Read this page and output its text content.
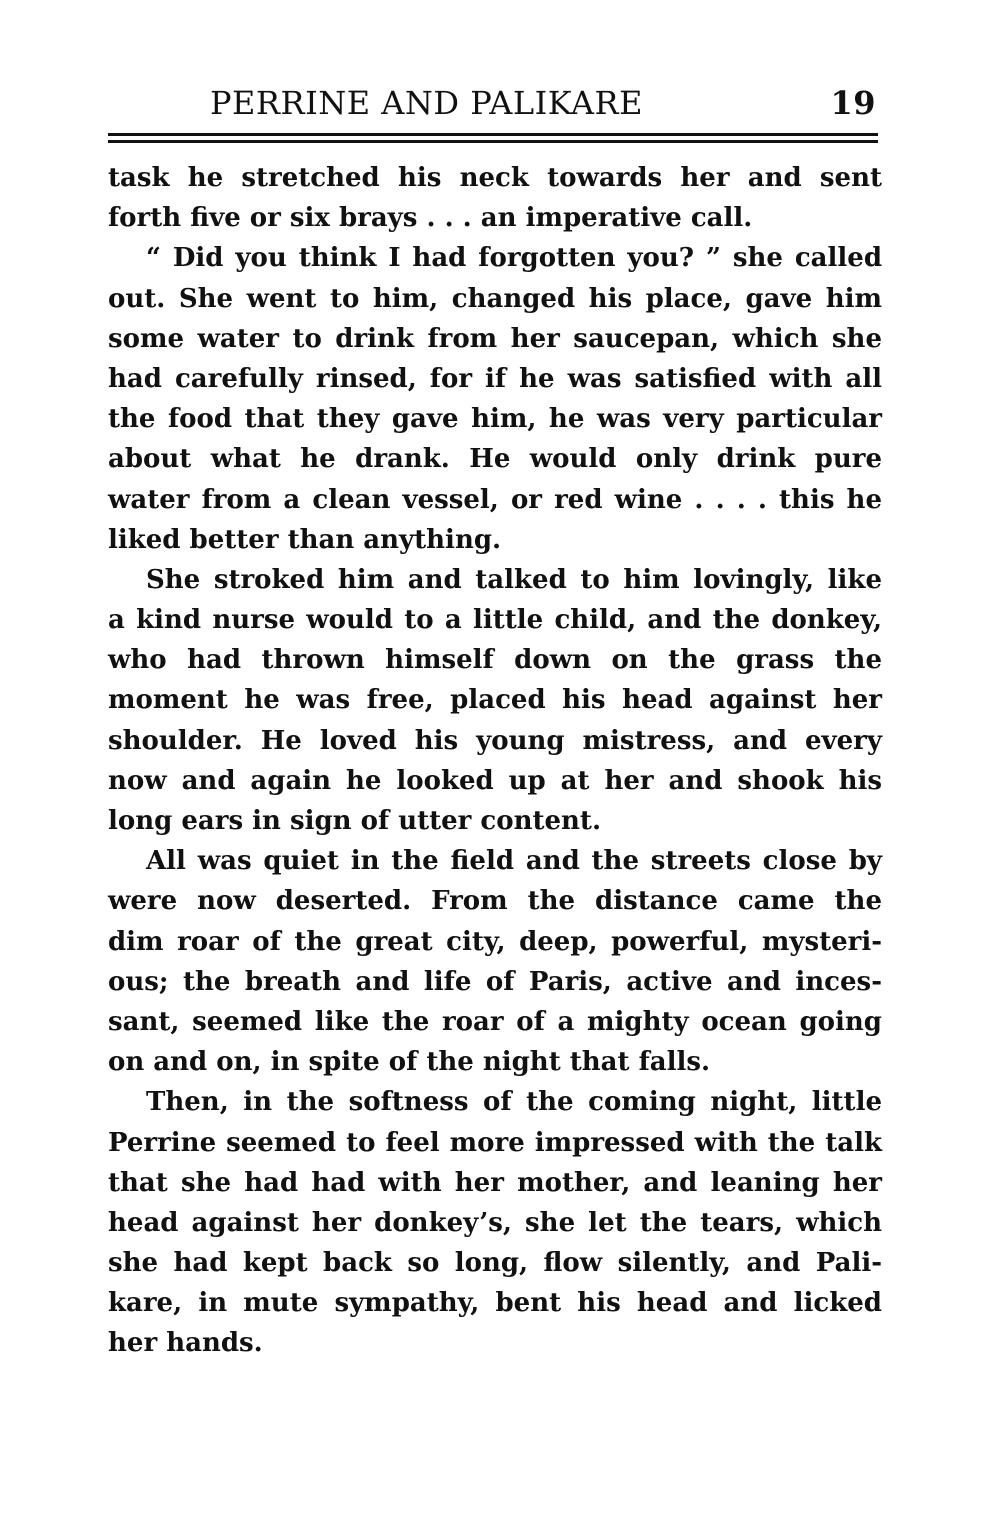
PERRINE AND PALIKARE	19
task he stretched his neck towards her and sent
forth five or six brays . . . an imperative call.
“ Did you think I had forgotten you? ” she called
out. She went to him, changed his place, gave him
some water to drink from her saucepan, which she
had carefully rinsed, for if he was satisfied with all
the food that they gave him, he was very particular
about what he drank. He would only drink pure
water from a clean vessel, or red wine . . . . this he
liked better than anything.
She stroked him and talked to him lovingly, like
a kind nurse would to a little child, and the donkey,
who had thrown himself down on the grass the
moment he was free, placed his head against her
shoulder. He loved his young mistress, and every
now and again he looked up at her and shook his
long ears in sign of utter content.
All was quiet in the field and the streets close by
were now deserted. From the distance came the
dim roar of the great city, deep, powerful, mysteri-
ous; the breath and life of Paris, active and inces-
sant, seemed like the roar of a mighty ocean going
on and on, in spite of the night that falls.
Then, in the softness of the coming night, little
Perrine seemed to feel more impressed with the talk
that she had had with her mother, and leaning her
head against her donkey’s, she let the tears, which
she had kept back so long, flow silently, and Pali-
kare, in mute sympathy, bent his head and licked
her hands.
